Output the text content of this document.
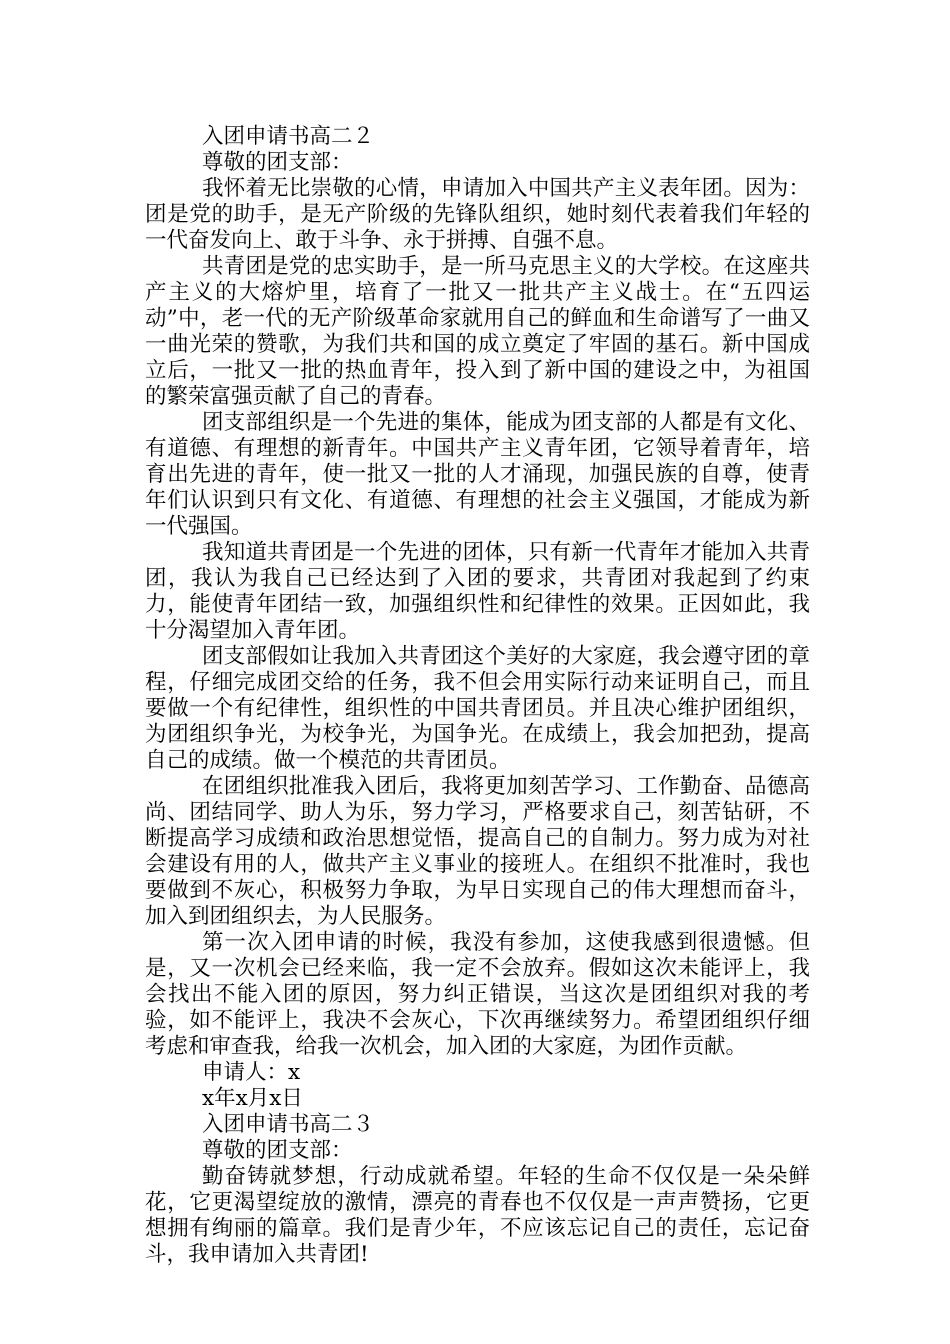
入团申请书高二２

尊敬的团支部：

我怀着无比崇敬的心情，申请加入中国共产主义表年团。因为：团是党的助手，是无产阶级的先锋队组织，她时刻代表着我们年轻的一代奋发向上、敢于斗争、永于拼搏、自强不息。

共青团是党的忠实助手，是一所马克思主义的大学校。在这座共产主义的大熔炉里，培育了一批又一批共产主义战士。在“五四运动”中，老一代的无产阶级革命家就用自己的鲜血和生命谱写了一曲又一曲光荣的赞歌，为我们共和国的成立奠定了牢固的基石。新中国成立后，一批又一批的热血青年，投入到了新中国的建设之中，为祖国的繁荣富强贡献了自己的青春。

团支部组织是一个先进的集体，能成为团支部的人都是有文化、有道德、有理想的新青年。中国共产主义青年团，它领导着青年，培育出先进的青年，使一批又一批的人才涌现，加强民族的自尊，使青年们认识到只有文化、有道德、有理想的社会主义强国，才能成为新一代强国。

我知道共青团是一个先进的团体，只有新一代青年才能加入共青团，我认为我自己已经达到了入团的要求，共青团对我起到了约束力，能使青年团结一致，加强组织性和纪律性的效果。正因如此，我十分渴望加入青年团。

团支部假如让我加入共青团这个美好的大家庭，我会遵守团的章程，仔细完成团交给的任务，我不但会用实际行动来证明自己，而且要做一个有纪律性，组织性的中国共青团员。并且决心维护团组织，为团组织争光，为校争光，为国争光。在成绩上，我会加把劲，提高自己的成绩。做一个模范的共青团员。

在团组织批准我入团后，我将更加刻苦学习、工作勤奋、品德高尚、团结同学、助人为乐，努力学习，严格要求自己，刻苦钻研，不断提高学习成绩和政治思想觉悟，提高自己的自制力。努力成为对社会建设有用的人，做共产主义事业的接班人。在组织不批准时，我也要做到不灰心，积极努力争取，为早日实现自己的伟大理想而奋斗，加入到团组织去，为人民服务。

第一次入团申请的时候，我没有参加，这使我感到很遗憾。但是，又一次机会已经来临，我一定不会放弃。假如这次未能评上，我会找出不能入团的原因，努力纠正错误，当这次是团组织对我的考验，如不能评上，我决不会灰心，下次再继续努力。希望团组织仔细考虑和审查我，给我一次机会，加入团的大家庭，为团作贡献。

申请人：x

x年x月x日

入团申请书高二３

尊敬的团支部：

勤奋铸就梦想，行动成就希望。年轻的生命不仅仅是一朵朵鲜花，它更渴望绽放的激情，漂亮的青春也不仅仅是一声声赞扬，它更想拥有绚丽的篇章。我们是青少年，不应该忘记自己的责任，忘记奋斗，我申请加入共青团!
